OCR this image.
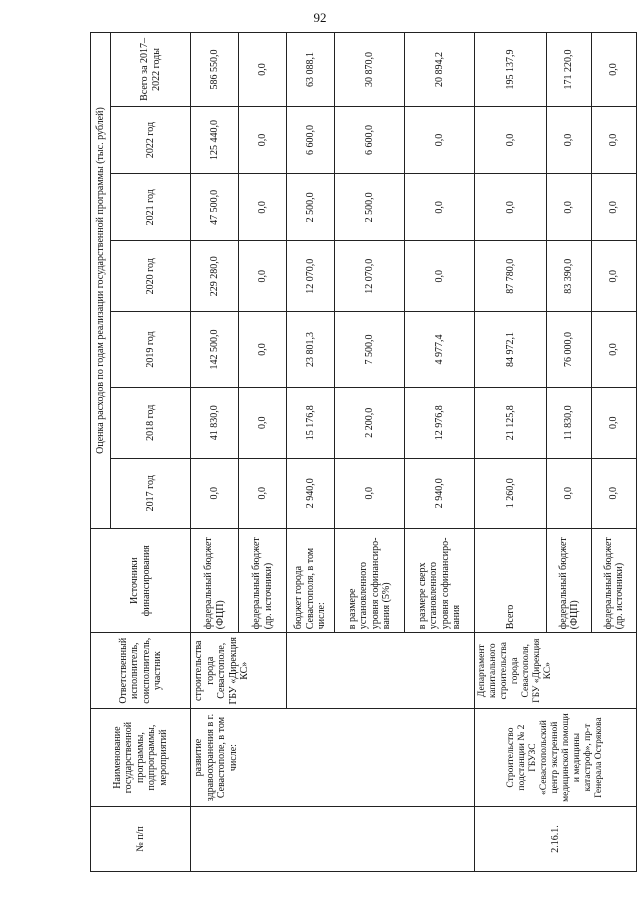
92
№ п/п	Наименование государственной программы, подпрограммы, мероприятий	Ответственный исполнитель, соисполнитель, участник	Источники финансирования	Оценка расходов по годам реализации государственной программы (тыс. рублей)						
				2017 год	2018 год	2019 год	2020 год	2021 год	2022 год	Всего за 2017–2022 годы
	развитие здравоохранения в г. Севастополе, в том числе:	строительства города Севастополе, ГБУ «Дирекция КС»	федеральный бюджет (ФЦП)	0,0	41 830,0	142 500,0	229 280,0	47 500,0	125 440,0	586 550,0
			федеральный бюджет (др. источники)	0,0	0,0	0,0	0,0	0,0	0,0	0,0
			бюджет города Севастополя, в том числе:	2 940,0	15 176,8	23 801,3	12 070,0	2 500,0	6 600,0	63 088,1
			в размере установленного уровня софинансиро-вания (5%)	0,0	2 200,0	7 500,0	12 070,0	2 500,0	6 600,0	30 870,0
			в размере сверх установленного уровня софинансиро-вания	2 940,0	12 976,8	4 977,4	0,0	0,0	0,0	20 894,2
2.16.1.	Строительство подстанции № 2 ГБУЗС «Севастопольский центр экстренной медицинской помощи и медицины катастроф», пр-т Генерала Острякова	Департамент капитального строительства города Севастополя, ГБУ «Дирекция КС»	Всего	1 260,0	21 125,8	84 972,1	87 780,0	0,0	0,0	195 137,9
			федеральный бюджет (ФЦП)	0,0	11 830,0	76 000,0	83 390,0	0,0	0,0	171 220,0
			федеральный бюджет (др. источники)	0,0	0,0	0,0	0,0	0,0	0,0	0,0
